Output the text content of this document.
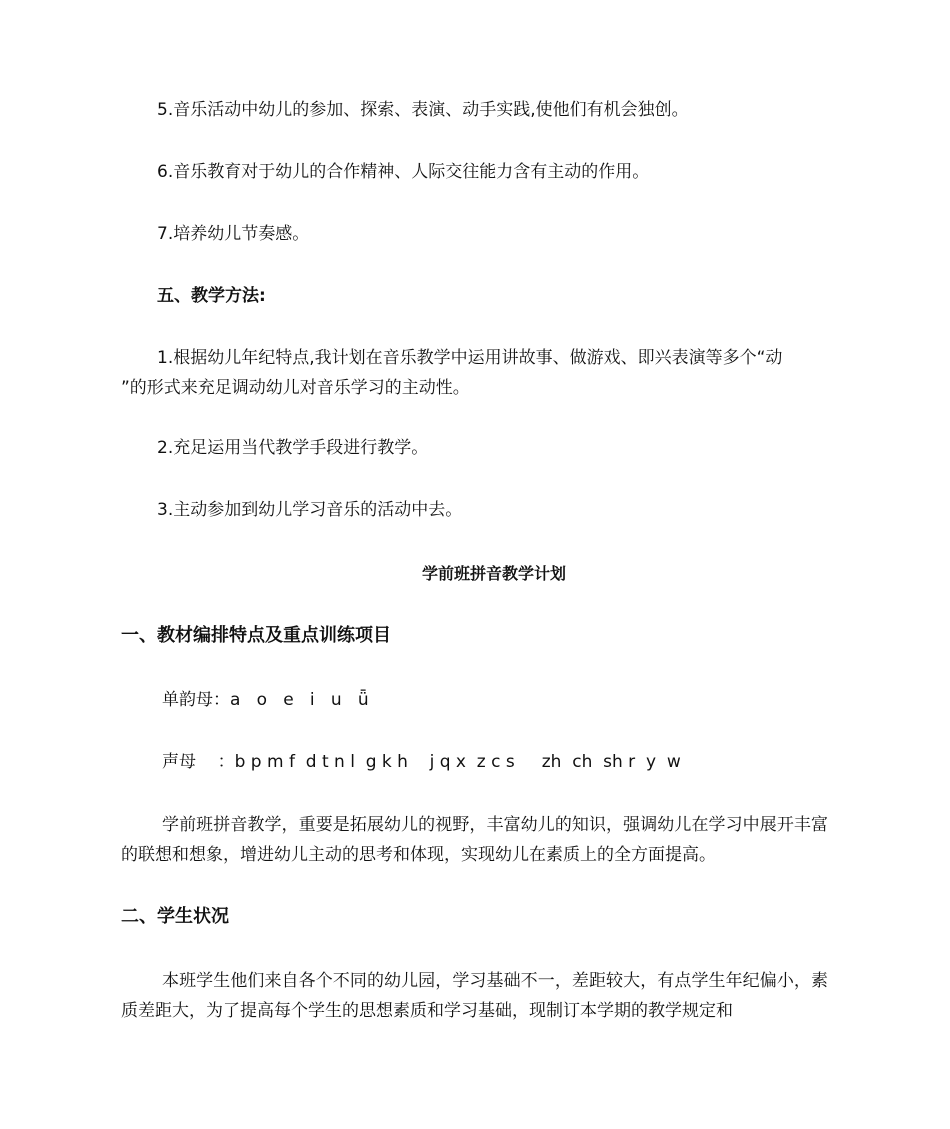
5.音乐活动中幼儿的参加、探索、表演、动手实践,使他们有机会独创。
6.音乐教育对于幼儿的合作精神、人际交往能力含有主动的作用。
7.培养幼儿节奏感。
五、教学方法:
1.根据幼儿年纪特点,我计划在音乐教学中运用讲故事、做游戏、即兴表演等多个“动
”的形式来充足调动幼儿对音乐学习的主动性。
2.充足运用当代教学手段进行教学。
3.主动参加到幼儿学习音乐的活动中去。
学前班拼音教学计划
一、教材编排特点及重点训练项目
单韵母：a   o   e   i   u   ǖ
声母    ：b p m f  d t n l  g k h    j q x  z c s     zh  ch  sh r  y  w
学前班拼音教学，重要是拓展幼儿的视野，丰富幼儿的知识，强调幼儿在学习中展开丰富的联想和想象，增进幼儿主动的思考和体现，实现幼儿在素质上的全方面提高。
二、学生状况
本班学生他们来自各个不同的幼儿园，学习基础不一，差距较大，有点学生年纪偏小，素质差距大，为了提高每个学生的思想素质和学习基础，现制订本学期的教学规定和
